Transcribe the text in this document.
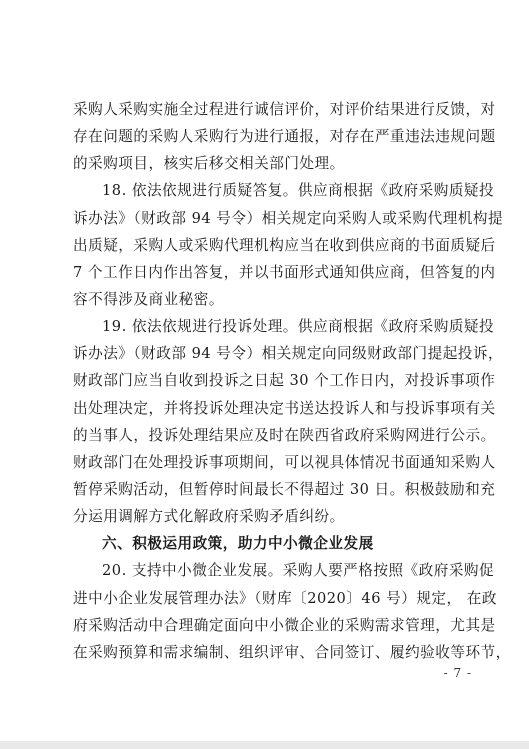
采购人采购实施全过程进行诚信评价，对评价结果进行反馈，对
存在问题的采购人采购行为进行通报，对存在严重违法违规问题
的采购项目，核实后移交相关部门处理。
18. 依法依规进行质疑答复。供应商根据《政府采购质疑投
诉办法》（财政部 94 号令）相关规定向采购人或采购代理机构提
出质疑，采购人或采购代理机构应当在收到供应商的书面质疑后
7 个工作日内作出答复，并以书面形式通知供应商，但答复的内
容不得涉及商业秘密。
19. 依法依规进行投诉处理。供应商根据《政府采购质疑投
诉办法》（财政部 94 号令）相关规定向同级财政部门提起投诉，
财政部门应当自收到投诉之日起 30 个工作日内，对投诉事项作
出处理决定，并将投诉处理决定书送达投诉人和与投诉事项有关
的当事人，投诉处理结果应及时在陕西省政府采购网进行公示。
财政部门在处理投诉事项期间，可以视具体情况书面通知采购人
暂停采购活动，但暂停时间最长不得超过 30 日。积极鼓励和充
分运用调解方式化解政府采购矛盾纠纷。
六、积极运用政策，助力中小微企业发展
20. 支持中小微企业发展。采购人要严格按照《政府采购促
进中小企业发展管理办法》（财库〔2020〕46 号）规定， 在政
府采购活动中合理确定面向中小微企业的采购需求管理，尤其是
在采购预算和需求编制、组织评审、合同签订、履约验收等环节，
- 7 -
